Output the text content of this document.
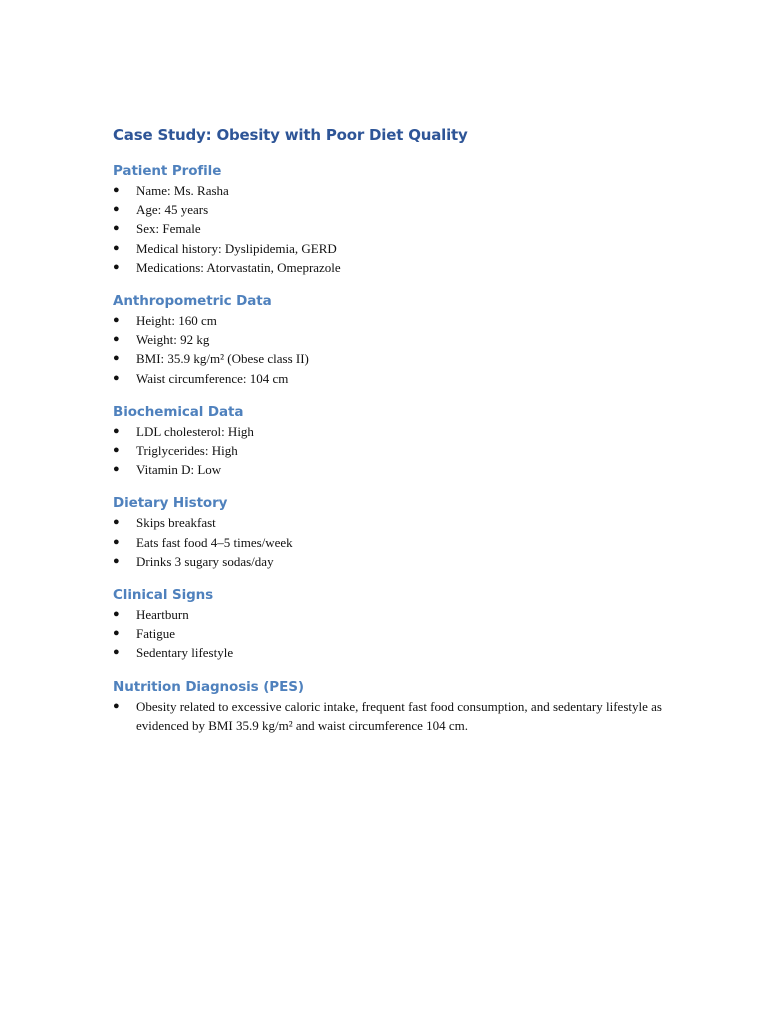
Case Study: Obesity with Poor Diet Quality
Patient Profile
● Name: Ms. Rasha
● Age: 45 years
● Sex: Female
● Medical history: Dyslipidemia, GERD
● Medications: Atorvastatin, Omeprazole
Anthropometric Data
● Height: 160 cm
● Weight: 92 kg
● BMI: 35.9 kg/m² (Obese class II)
● Waist circumference: 104 cm
Biochemical Data
● LDL cholesterol: High
● Triglycerides: High
● Vitamin D: Low
Dietary History
● Skips breakfast
● Eats fast food 4–5 times/week
● Drinks 3 sugary sodas/day
Clinical Signs
● Heartburn
● Fatigue
● Sedentary lifestyle
Nutrition Diagnosis (PES)
● Obesity related to excessive caloric intake, frequent fast food consumption, and sedentary lifestyle as evidenced by BMI 35.9 kg/m² and waist circumference 104 cm.
